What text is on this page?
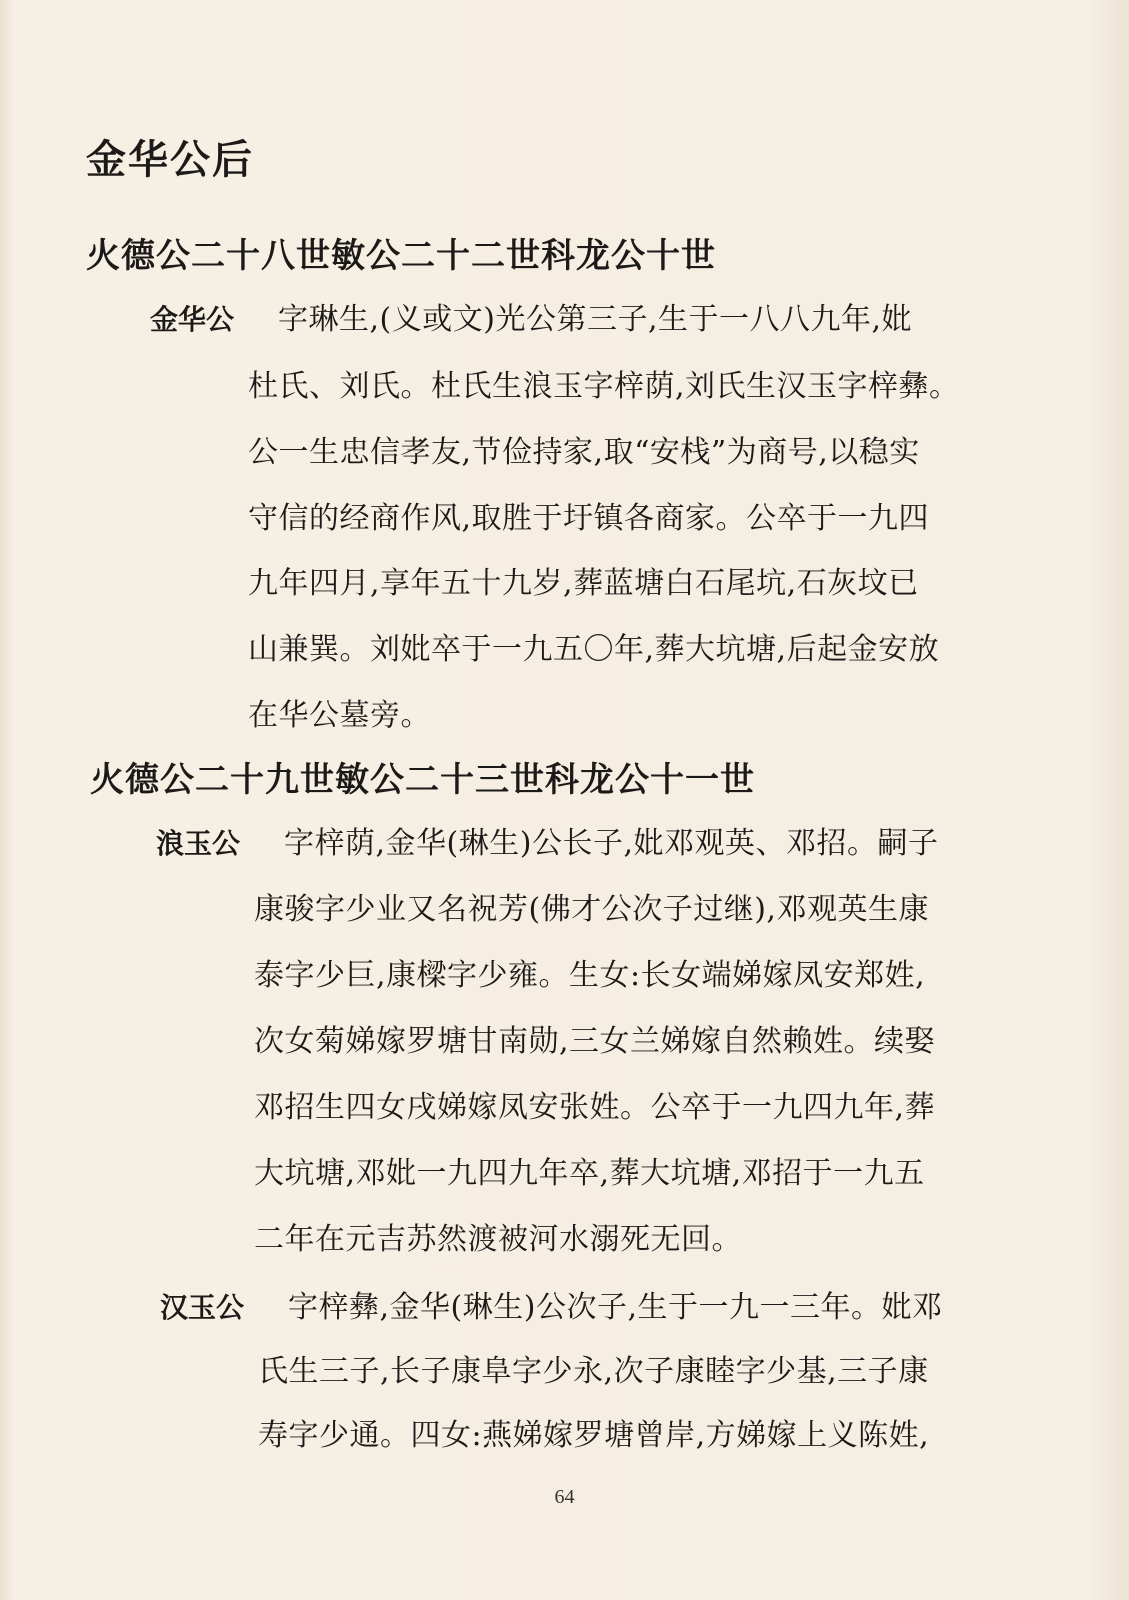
金华公后
火德公二十八世敏公二十二世科龙公十世
金华公 字琳生,(义或文)光公第三子,生于一八八九年,妣
杜氏、刘氏。杜氏生浪玉字梓荫,刘氏生汉玉字梓彝。
公一生忠信孝友,节俭持家,取“安栈”为商号,以稳实
守信的经商作风,取胜于圩镇各商家。公卒于一九四
九年四月,享年五十九岁,葬蓝塘白石尾坑,石灰坟已
山兼巽。刘妣卒于一九五〇年,葬大坑塘,后起金安放
在华公墓旁。
火德公二十九世敏公二十三世科龙公十一世
浪玉公 字梓荫,金华(琳生)公长子,妣邓观英、邓招。嗣子
康骏字少业又名祝芳(佛才公次子过继),邓观英生康
泰字少巨,康樑字少雍。生女:长女端娣嫁凤安郑姓,
次女菊娣嫁罗塘甘南勋,三女兰娣嫁自然赖姓。续娶
邓招生四女戌娣嫁凤安张姓。公卒于一九四九年,葬
大坑塘,邓妣一九四九年卒,葬大坑塘,邓招于一九五
二年在元吉苏然渡被河水溺死无回。
汉玉公 字梓彝,金华(琳生)公次子,生于一九一三年。妣邓
氏生三子,长子康阜字少永,次子康睦字少基,三子康
寿字少通。四女:燕娣嫁罗塘曾岸,方娣嫁上义陈姓,
64
